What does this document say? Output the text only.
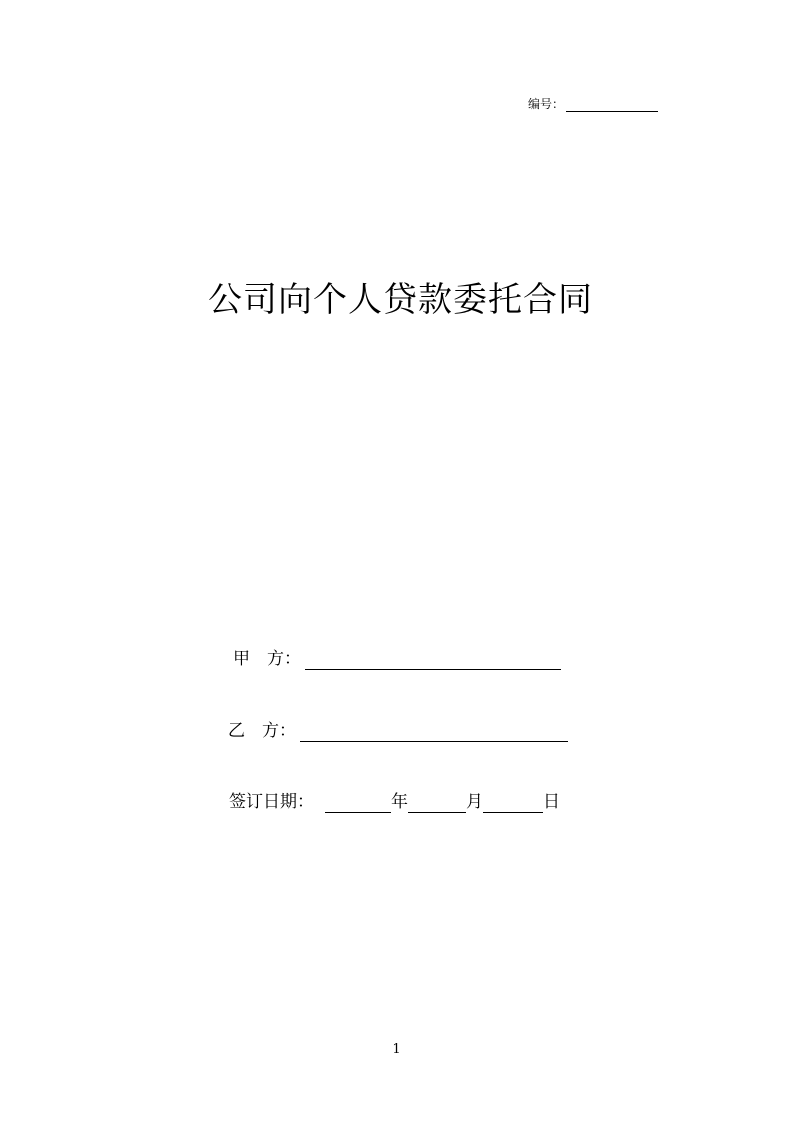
编号：
公司向个人贷款委托合同
甲　方：
乙　方：
签订日期：	年	月	日
1
